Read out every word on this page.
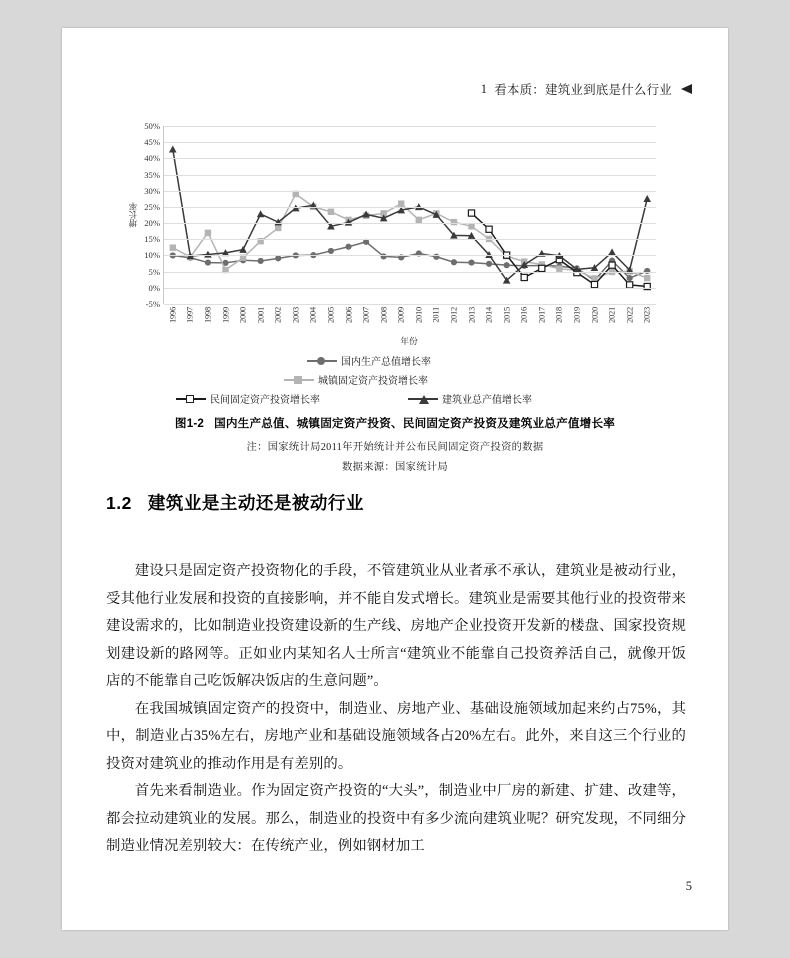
1 看本质：建筑业到底是什么行业
增长率
50%
45%
40%
35%
30%
25%
20%
15%
10%
5%
0%
-5%
1996 1997 1998 1999 2000 2001 2002 2003 2004 2005 2006 2007 2008 2009 2010 2011 2012 2013 2014 2015 2016 2017 2018 2019 2020 2021 2022 2023
年份
国内生产总值增长率
城镇固定资产投资增长率
民间固定资产投资增长率	建筑业总产值增长率
图1-2 国内生产总值、城镇固定资产投资、民间固定资产投资及建筑业总产值增长率
注：国家统计局2011年开始统计并公布民间固定资产投资的数据
数据来源：国家统计局
1.2 建筑业是主动还是被动行业

建设只是固定资产投资物化的手段，不管建筑业从业者承不承认，建筑业是被动行业，受其他行业发展和投资的直接影响，并不能自发式增长。建筑业是需要其他行业的投资带来建设需求的，比如制造业投资建设新的生产线、房地产企业投资开发新的楼盘、国家投资规划建设新的路网等。正如业内某知名人士所言“建筑业不能靠自己投资养活自己，就像开饭店的不能靠自己吃饭解决饭店的生意问题”。

在我国城镇固定资产的投资中，制造业、房地产业、基础设施领域加起来约占75%，其中，制造业占35%左右，房地产业和基础设施领域各占20%左右。此外，来自这三个行业的投资对建筑业的推动作用是有差别的。

首先来看制造业。作为固定资产投资的“大头”，制造业中厂房的新建、扩建、改建等，都会拉动建筑业的发展。那么，制造业的投资中有多少流向建筑业呢？研究发现，不同细分制造业情况差别较大：在传统产业，例如钢材加工

5
